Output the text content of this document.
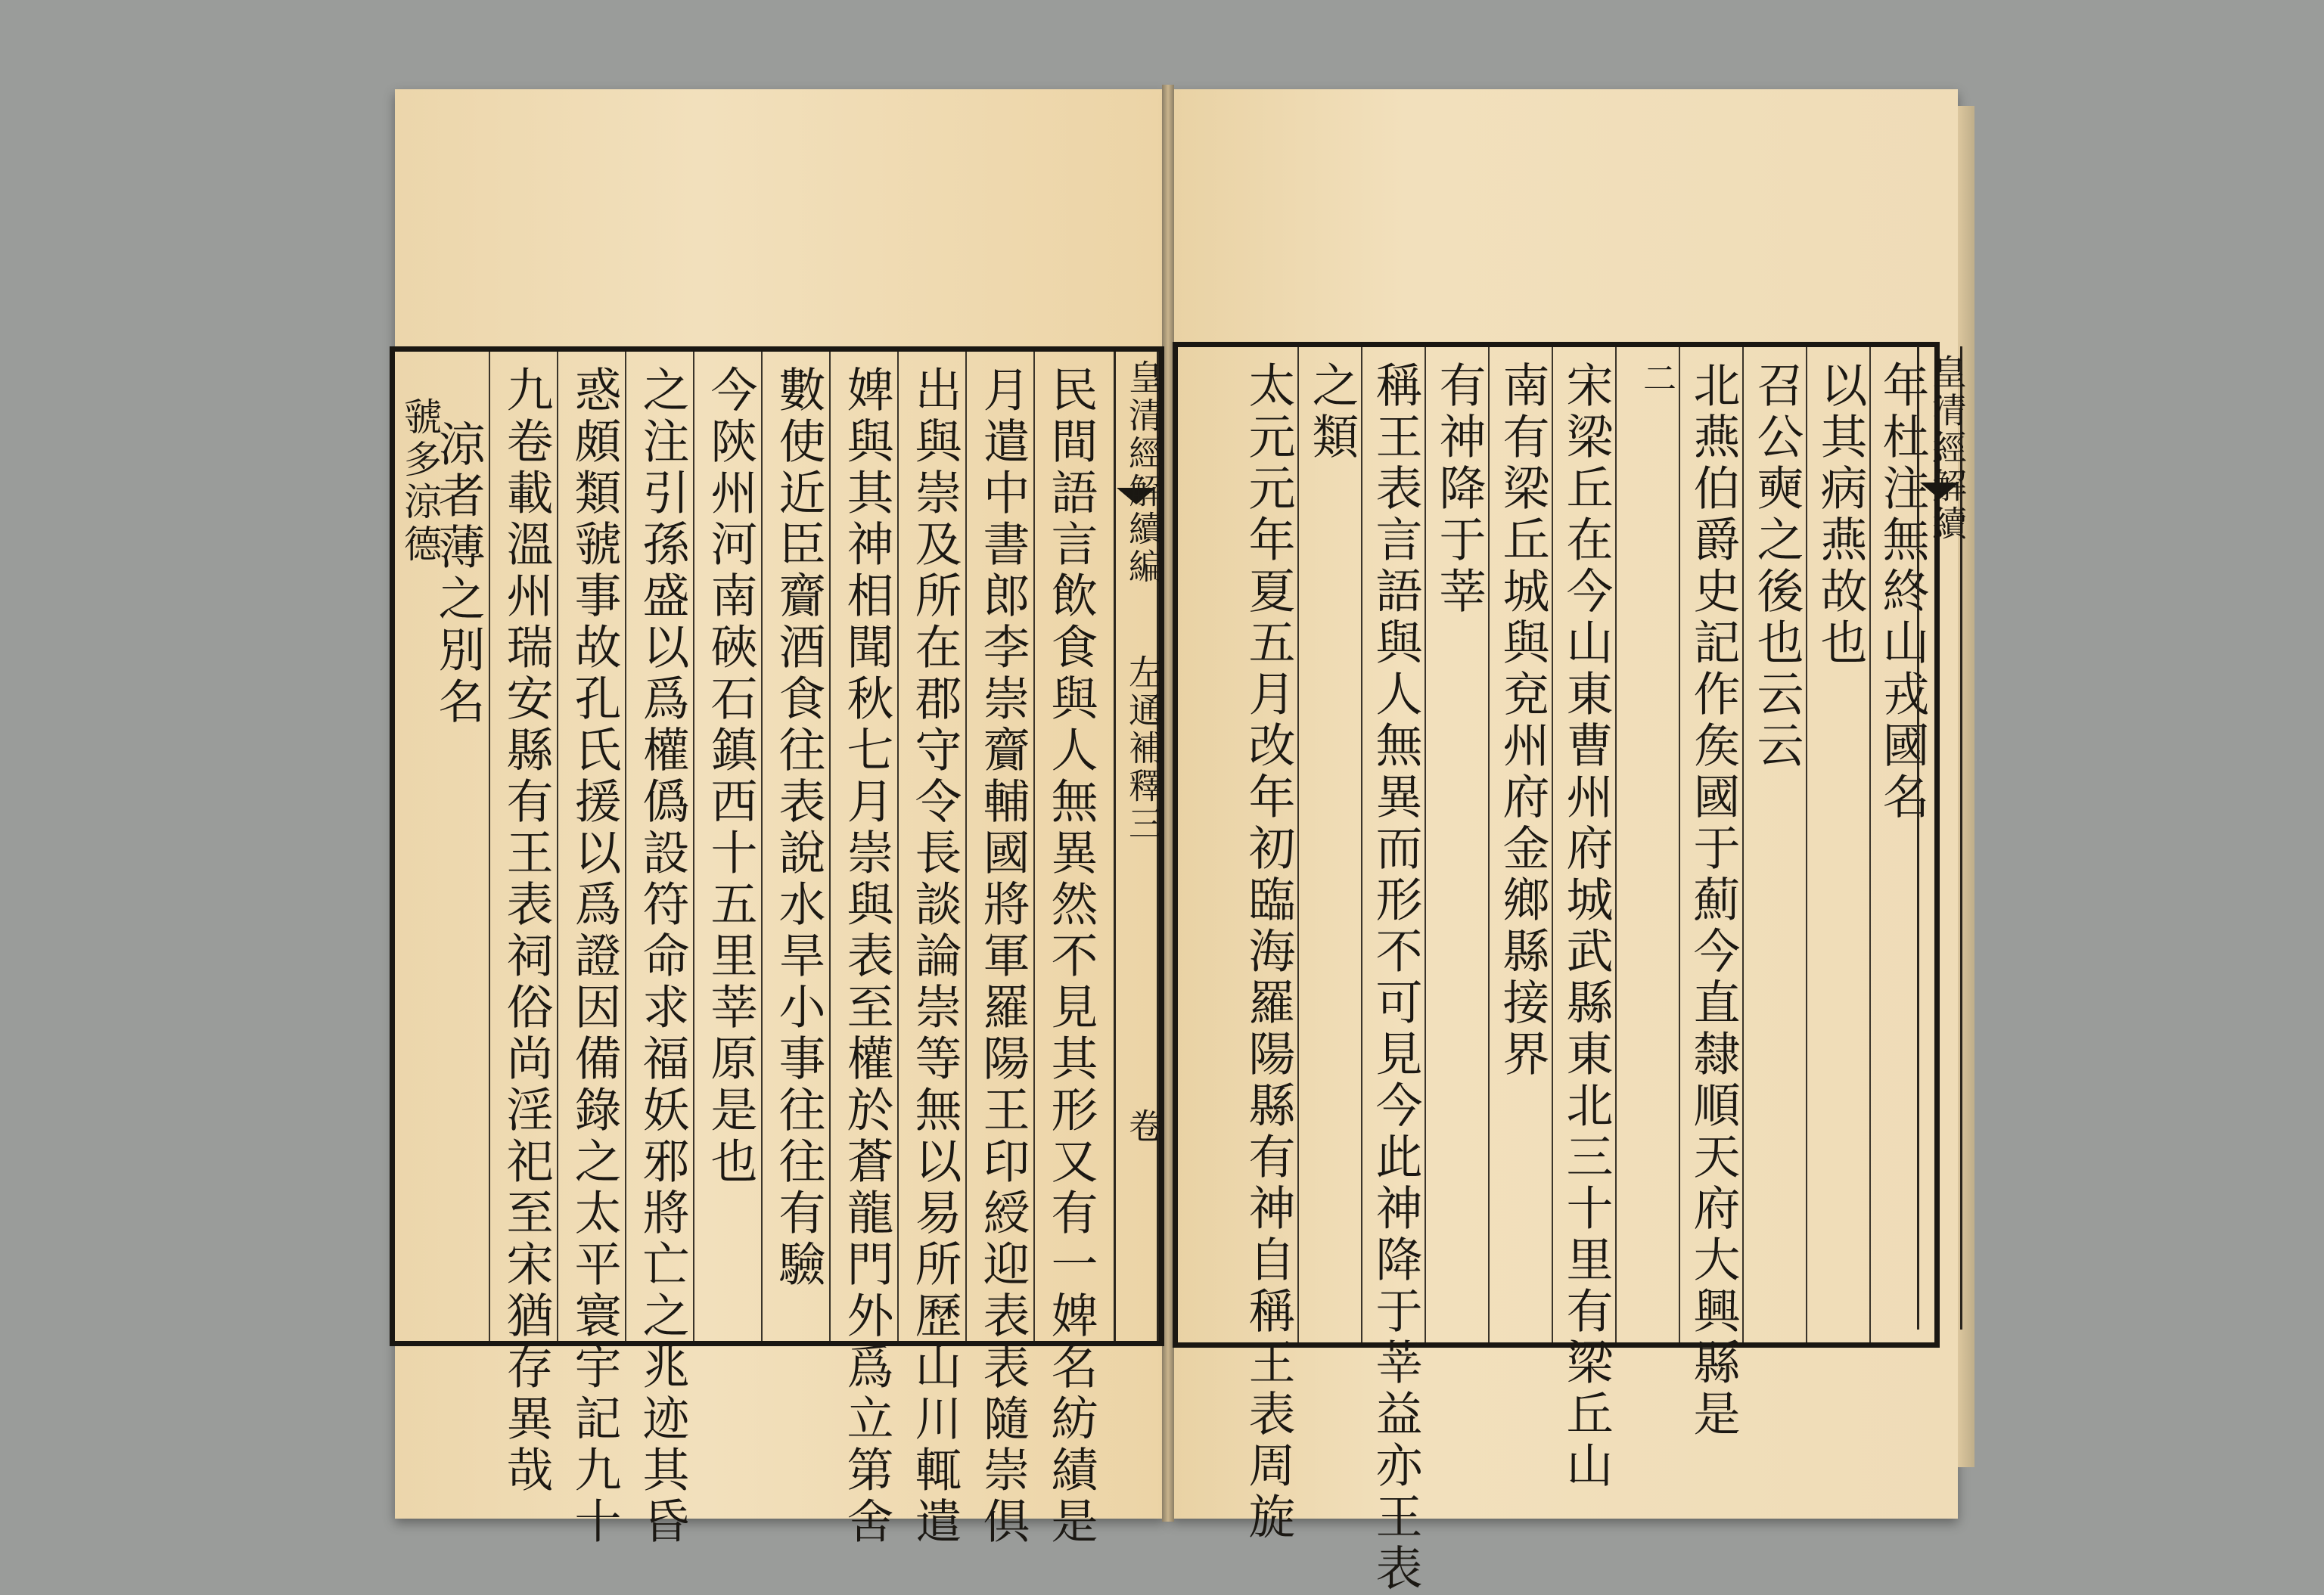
皇清經解續編
左通補釋三
卷
民間語言飲食與人無異然不見其形又有一婢名紡績是
月遣中書郎李崇齎輔國將軍羅陽王印綬迎表表隨崇俱
出與崇及所在郡守令長談論崇等無以易所歷山川輒遣
婢與其神相聞秋七月崇與表至權於蒼龍門外爲立第舍
數使近臣齎酒食往表說水旱小事往往有驗
今陝州河南硤石鎮西十五里莘原是也
之注引孫盛以爲權僞設符命求福妖邪將亡之兆迹其昏
惑頗類虢事故孔氏援以爲證因備錄之太平寰宇記九十
九卷載溫州瑞安縣有王表祠俗尚淫祀至宋猶存異哉
涼者薄之別名
虢多涼德	年杜注無終山戎國名
以其病燕故也
召公奭之後也云云
北燕伯爵史記作矦國于薊今直隸順天府大興縣是
二
宋梁丘在今山東曹州府城武縣東北三十里有梁丘山
南有梁丘城與兗州府金鄉縣接界
有神降于莘
稱王表言語與人無異而形不可見今此神降于莘益亦王表
之類
太元元年夏五月改年初臨海羅陽縣有神自稱王表周旋	皇清經解續
